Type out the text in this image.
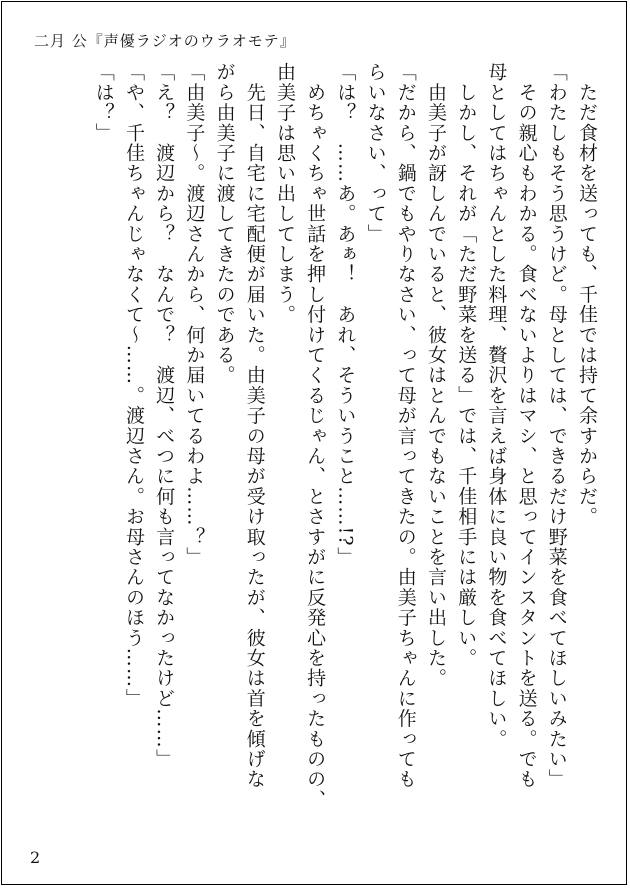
二月 公『声優ラジオのウラオモテ』

　ただ食材を送っても、千佳では持て余すからだ。

「わたしもそう思うけど。母としては、できるだけ野菜を食べてほしいみたい」

　その親心もわかる。食べないよりはマシ、と思ってインスタントを送る。でも

母としてはちゃんとした料理、贅沢を言えば身体に良い物を食べてほしい。

　しかし、それが「ただ野菜を送る」では、千佳相手には厳しい。

　由美子が訝しんでいると、彼女はとんでもないことを言い出した。

「だから、鍋でもやりなさい、って母が言ってきたの。由美子ちゃんに作っても

らいなさい、って」

「は？　……あ。あぁ！　あれ、そういうこと……!?」

　めちゃくちゃ世話を押し付けてくるじゃん、とさすがに反発心を持ったものの、

由美子は思い出してしまう。

　先日、自宅に宅配便が届いた。由美子の母が受け取ったが、彼女は首を傾げな

がら由美子に渡してきたのである。

「由美子～。渡辺さんから、何か届いてるわよ……？」

「え？　渡辺から？　なんで？　渡辺、べつに何も言ってなかったけど……」

「や、千佳ちゃんじゃなくて～……。渡辺さん。お母さんのほう……」

「は？」

2
